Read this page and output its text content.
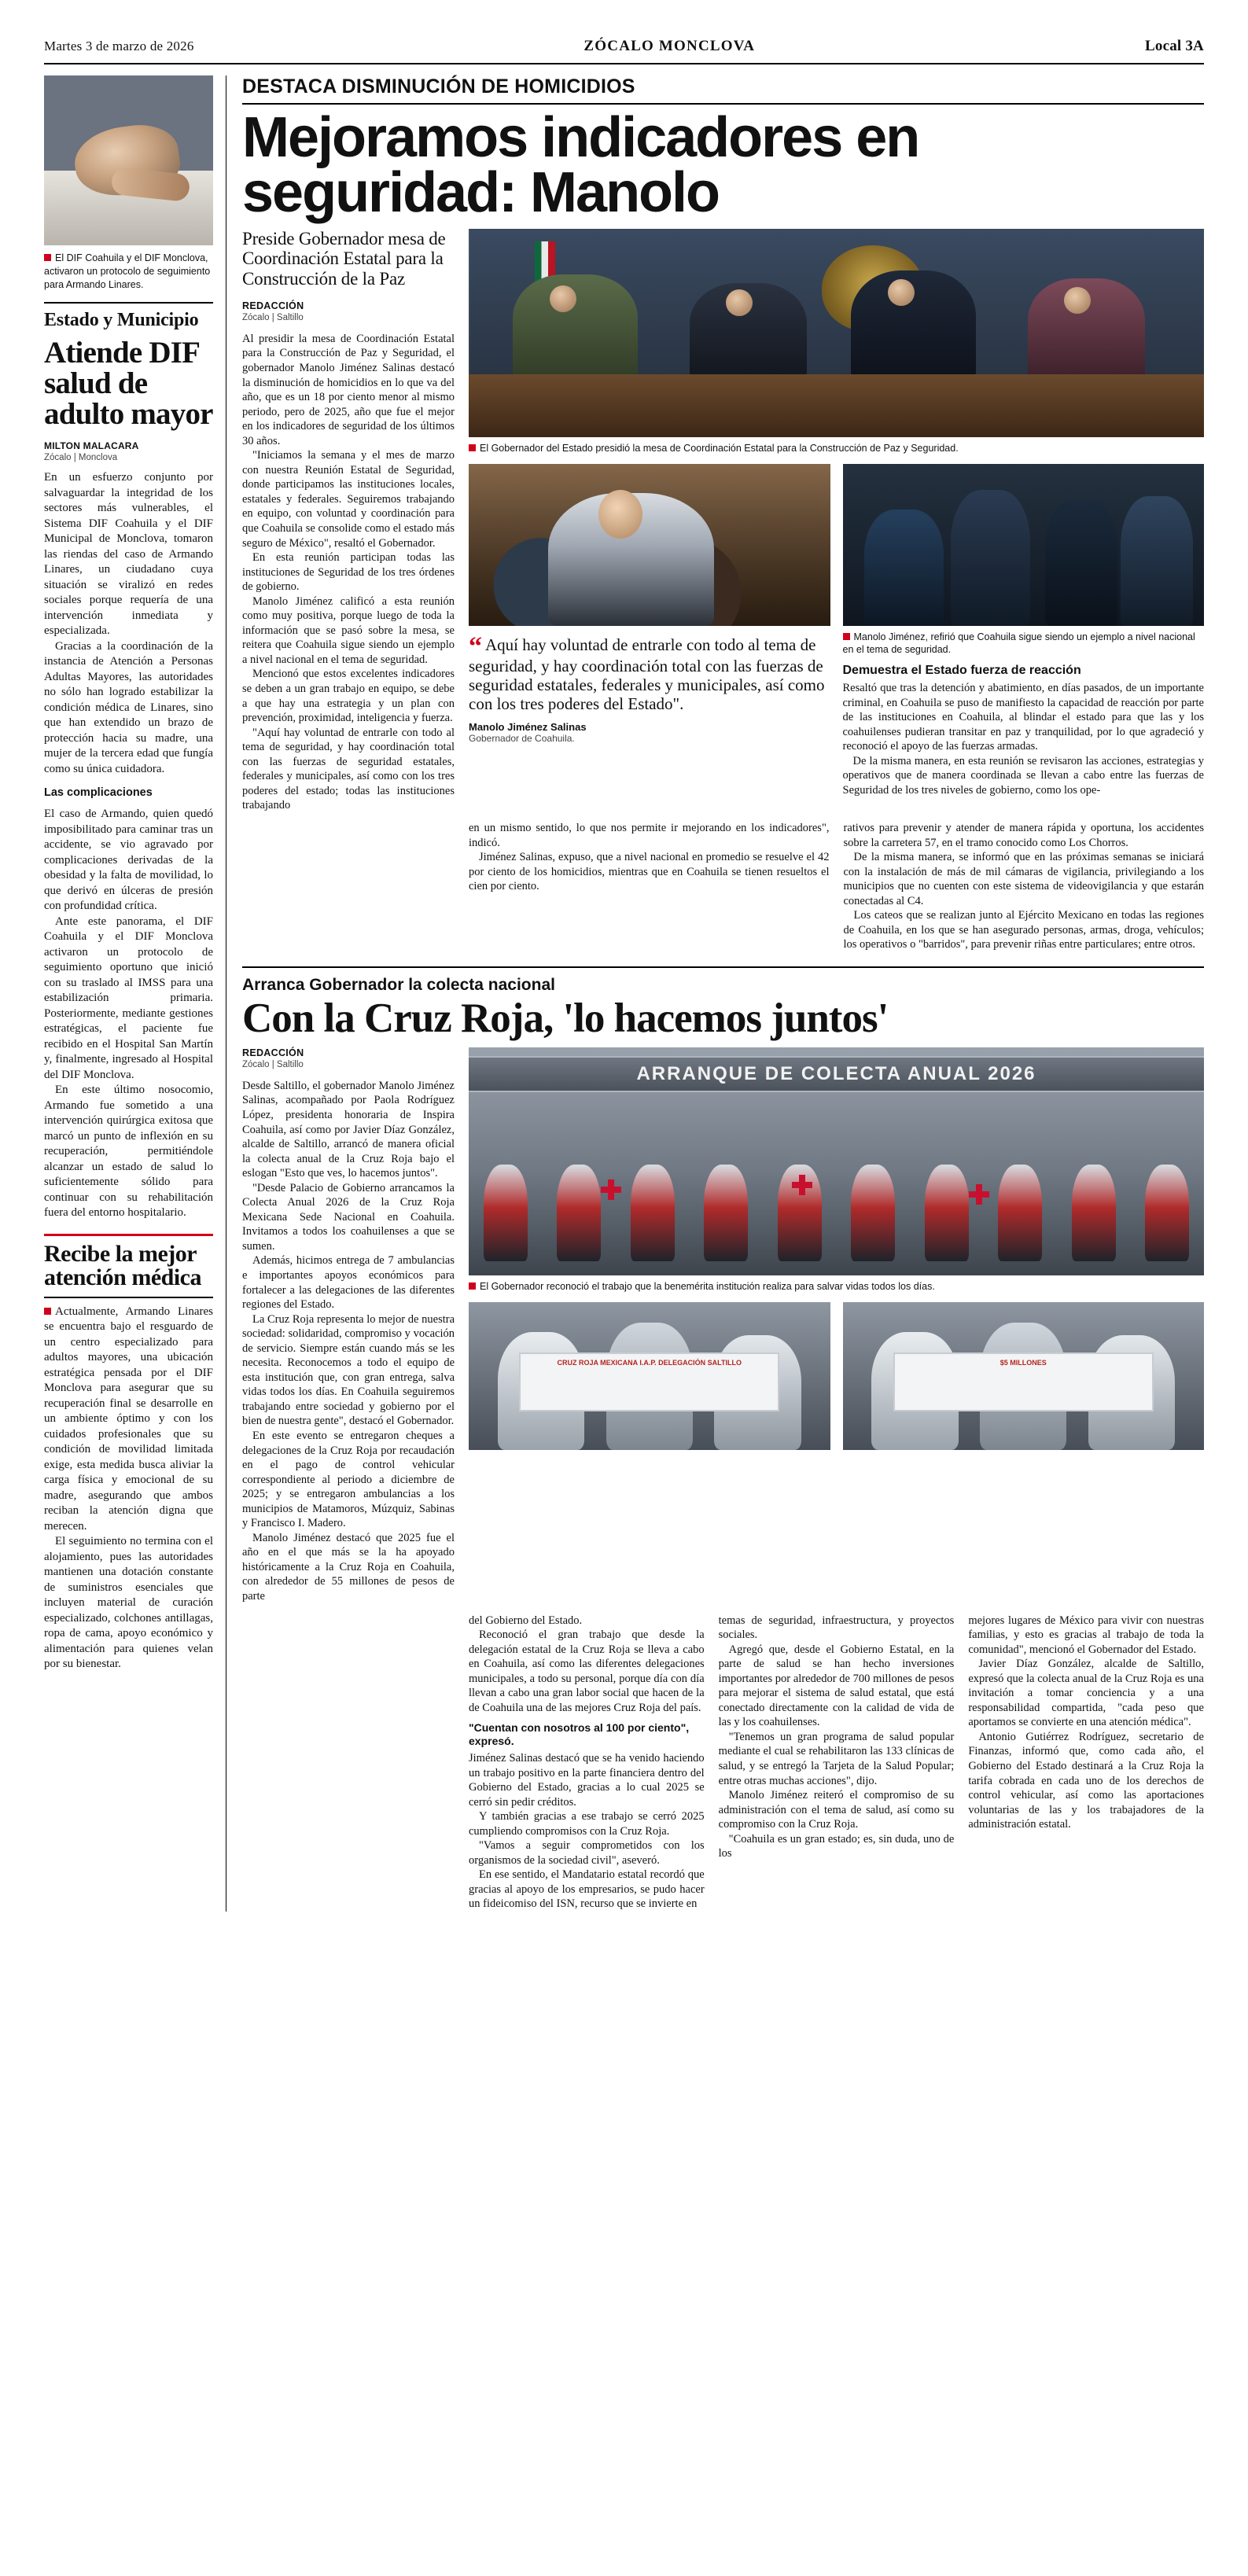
Martes 3 de marzo de 2026	ZÓCALO MONCLOVA	Local 3A
El DIF Coahuila y el DIF Monclova, activaron un protocolo de seguimiento para Armando Linares.
Estado y Municipio
Atiende DIF salud de adulto mayor
MILTON MALACARA
Zócalo | Monclova

En un esfuerzo conjunto por salvaguardar la integridad de los sectores más vulnerables, el Sistema DIF Coahuila y el DIF Municipal de Monclova, tomaron las riendas del caso de Armando Linares, un ciudadano cuya situación se viralizó en redes sociales porque requería de una intervención inmediata y especializada.

Gracias a la coordinación de la instancia de Atención a Personas Adultas Mayores, las autoridades no sólo han logrado estabilizar la condición médica de Linares, sino que han extendido un brazo de protección hacia su madre, una mujer de la tercera edad que fungía como su única cuidadora.

Las complicaciones

El caso de Armando, quien quedó imposibilitado para caminar tras un accidente, se vio agravado por complicaciones derivadas de la obesidad y la falta de movilidad, lo que derivó en úlceras de presión con profundidad crítica.

Ante este panorama, el DIF Coahuila y el DIF Monclova activaron un protocolo de seguimiento oportuno que inició con su traslado al IMSS para una estabilización primaria. Posteriormente, mediante gestiones estratégicas, el paciente fue recibido en el Hospital San Martín y, finalmente, ingresado al Hospital del DIF Monclova.

En este último nosocomio, Armando fue sometido a una intervención quirúrgica exitosa que marcó un punto de inflexión en su recuperación, permitiéndole alcanzar un estado de salud lo suficientemente sólido para continuar con su rehabilitación fuera del entorno hospitalario.

Recibe la mejor atención médica

Actualmente, Armando Linares se encuentra bajo el resguardo de un centro especializado para adultos mayores, una ubicación estratégica pensada por el DIF Monclova para asegurar que su recuperación final se desarrolle en un ambiente óptimo y con los cuidados profesionales que su condición de movilidad limitada exige, esta medida busca aliviar la carga física y emocional de su madre, asegurando que ambos reciban la atención digna que merecen.

El seguimiento no termina con el alojamiento, pues las autoridades mantienen una dotación constante de suministros esenciales que incluyen material de curación especializado, colchones antillagas, ropa de cama, apoyo económico y alimentación para quienes velan por su bienestar.

DESTACA DISMINUCIÓN DE HOMICIDIOS
Mejoramos indicadores en seguridad: Manolo
Preside Gobernador mesa de Coordinación Estatal para la Construcción de la Paz
REDACCIÓN
Zócalo | Saltillo

Al presidir la mesa de Coordinación Estatal para la Construcción de Paz y Seguridad, el gobernador Manolo Jiménez Salinas destacó la disminución de homicidios en lo que va del año, que es un 18 por ciento menor al mismo periodo, pero de 2025, año que fue el mejor en los indicadores de seguridad de los últimos 30 años.

"Iniciamos la semana y el mes de marzo con nuestra Reunión Estatal de Seguridad, donde participamos las instituciones locales, estatales y federales. Seguiremos trabajando en equipo, con voluntad y coordinación para que Coahuila se consolide como el estado más seguro de México", resaltó el Gobernador.

En esta reunión participan todas las instituciones de Seguridad de los tres órdenes de gobierno.

Manolo Jiménez calificó a esta reunión como muy positiva, porque luego de toda la información que se pasó sobre la mesa, se reitera que Coahuila sigue siendo un ejemplo a nivel nacional en el tema de seguridad.

Mencionó que estos excelentes indicadores se deben a un gran trabajo en equipo, se debe a que hay una estrategia y un plan con prevención, proximidad, inteligencia y fuerza.

"Aquí hay voluntad de entrarle con todo al tema de seguridad, y hay coordinación total con las fuerzas de seguridad estatales, federales y municipales, así como con los tres poderes del estado; todas las instituciones trabajando

El Gobernador del Estado presidió la mesa de Coordinación Estatal para la Construcción de Paz y Seguridad.
“ Aquí hay voluntad de entrarle con todo al tema de seguridad, y hay coordinación total con las fuerzas de seguridad estatales, federales y municipales, así como con los tres poderes del Estado".
Manolo Jiménez Salinas
Gobernador de Coahuila.
Manolo Jiménez, refirió que Coahuila sigue siendo un ejemplo a nivel nacional en el tema de seguridad.
Demuestra el Estado fuerza de reacción

Resaltó que tras la detención y abatimiento, en días pasados, de un importante criminal, en Coahuila se puso de manifiesto la capacidad de reacción por parte de las instituciones en Coahuila, al blindar el estado para que las y los coahuilenses pudieran transitar en paz y tranquilidad, por lo que agradeció y reconoció el apoyo de las fuerzas armadas.

De la misma manera, en esta reunión se revisaron las acciones, estrategias y operativos que de manera coordinada se llevan a cabo entre las fuerzas de Seguridad de los tres niveles de gobierno, como los ope-

en un mismo sentido, lo que nos permite ir mejorando en los indicadores", indicó.

Jiménez Salinas, expuso, que a nivel nacional en promedio se resuelve el 42 por ciento de los homicidios, mientras que en Coahuila se tienen resueltos el cien por ciento.

rativos para prevenir y atender de manera rápida y oportuna, los accidentes sobre la carretera 57, en el tramo conocido como Los Chorros.

De la misma manera, se informó que en las próximas semanas se iniciará con la instalación de más de mil cámaras de vigilancia, privilegiando a los municipios que no cuenten con este sistema de videovigilancia y que estarán conectadas al C4.

Los cateos que se realizan junto al Ejército Mexicano en todas las regiones de Coahuila, en los que se han asegurado personas, armas, droga, vehículos; los operativos o "barridos", para prevenir riñas entre particulares; entre otros.

Arranca Gobernador la colecta nacional
Con la Cruz Roja, 'lo hacemos juntos'
REDACCIÓN
Zócalo | Saltillo

Desde Saltillo, el gobernador Manolo Jiménez Salinas, acompañado por Paola Rodríguez López, presidenta honoraria de Inspira Coahuila, así como por Javier Díaz González, alcalde de Saltillo, arrancó de manera oficial la colecta anual de la Cruz Roja bajo el eslogan "Esto que ves, lo hacemos juntos".

"Desde Palacio de Gobierno arrancamos la Colecta Anual 2026 de la Cruz Roja Mexicana Sede Nacional en Coahuila. Invitamos a todos los coahuilenses a que se sumen.

Además, hicimos entrega de 7 ambulancias e importantes apoyos económicos para fortalecer a las delegaciones de las diferentes regiones del Estado.

La Cruz Roja representa lo mejor de nuestra sociedad: solidaridad, compromiso y vocación de servicio. Siempre están cuando más se les necesita. Reconocemos a todo el equipo de esta institución que, con gran entrega, salva vidas todos los días. En Coahuila seguiremos trabajando entre sociedad y gobierno por el bien de nuestra gente", destacó el Gobernador.

En este evento se entregaron cheques a delegaciones de la Cruz Roja por recaudación en el pago de control vehicular correspondiente al periodo a diciembre de 2025; y se entregaron ambulancias a los municipios de Matamoros, Múzquiz, Sabinas y Francisco I. Madero.

Manolo Jiménez destacó que 2025 fue el año en el que más se la ha apoyado históricamente a la Cruz Roja en Coahuila, con alrededor de 55 millones de pesos de parte

ARRANQUE DE COLECTA ANUAL 2026
El Gobernador reconoció el trabajo que la benemérita institución realiza para salvar vidas todos los días.
CRUZ ROJA MEXICANA I.A.P. DELEGACIÓN SALTILLO	$5 MILLONES

del Gobierno del Estado.

Reconoció el gran trabajo que desde la delegación estatal de la Cruz Roja se lleva a cabo en Coahuila, así como las diferentes delegaciones municipales, a todo su personal, porque día con día llevan a cabo una gran labor social que hacen de la de Coahuila una de las mejores Cruz Roja del país.

"Cuentan con nosotros al 100 por ciento", expresó.

Jiménez Salinas destacó que se ha venido haciendo un trabajo positivo en la parte financiera dentro del Gobierno del Estado, gracias a lo cual 2025 se cerró sin pedir créditos.

Y también gracias a ese trabajo se cerró 2025 cumpliendo compromisos con la Cruz Roja.

"Vamos a seguir comprometidos con los organismos de la sociedad civil", aseveró.

En ese sentido, el Mandatario estatal recordó que gracias al apoyo de los empresarios, se pudo hacer un fideicomiso del ISN, recurso que se invierte en

temas de seguridad, infraestructura, y proyectos sociales.

Agregó que, desde el Gobierno Estatal, en la parte de salud se han hecho inversiones importantes por alrededor de 700 millones de pesos para mejorar el sistema de salud estatal, que está conectado directamente con la calidad de vida de las y los coahuilenses.

"Tenemos un gran programa de salud popular mediante el cual se rehabilitaron las 133 clínicas de salud, y se entregó la Tarjeta de la Salud Popular; entre otras muchas acciones", dijo.

Manolo Jiménez reiteró el compromiso de su administración con el tema de salud, así como su compromiso con la Cruz Roja.

"Coahuila es un gran estado; es, sin duda, uno de los

mejores lugares de México para vivir con nuestras familias, y esto es gracias al trabajo de toda la comunidad", mencionó el Gobernador del Estado.

Javier Díaz González, alcalde de Saltillo, expresó que la colecta anual de la Cruz Roja es una invitación a tomar conciencia y a una responsabilidad compartida, "cada peso que aportamos se convierte en una atención médica".

Antonio Gutiérrez Rodríguez, secretario de Finanzas, informó que, como cada año, el Gobierno del Estado destinará a la Cruz Roja la tarifa cobrada en cada uno de los derechos de control vehicular, así como las aportaciones voluntarias de las y los trabajadores de la administración estatal.
